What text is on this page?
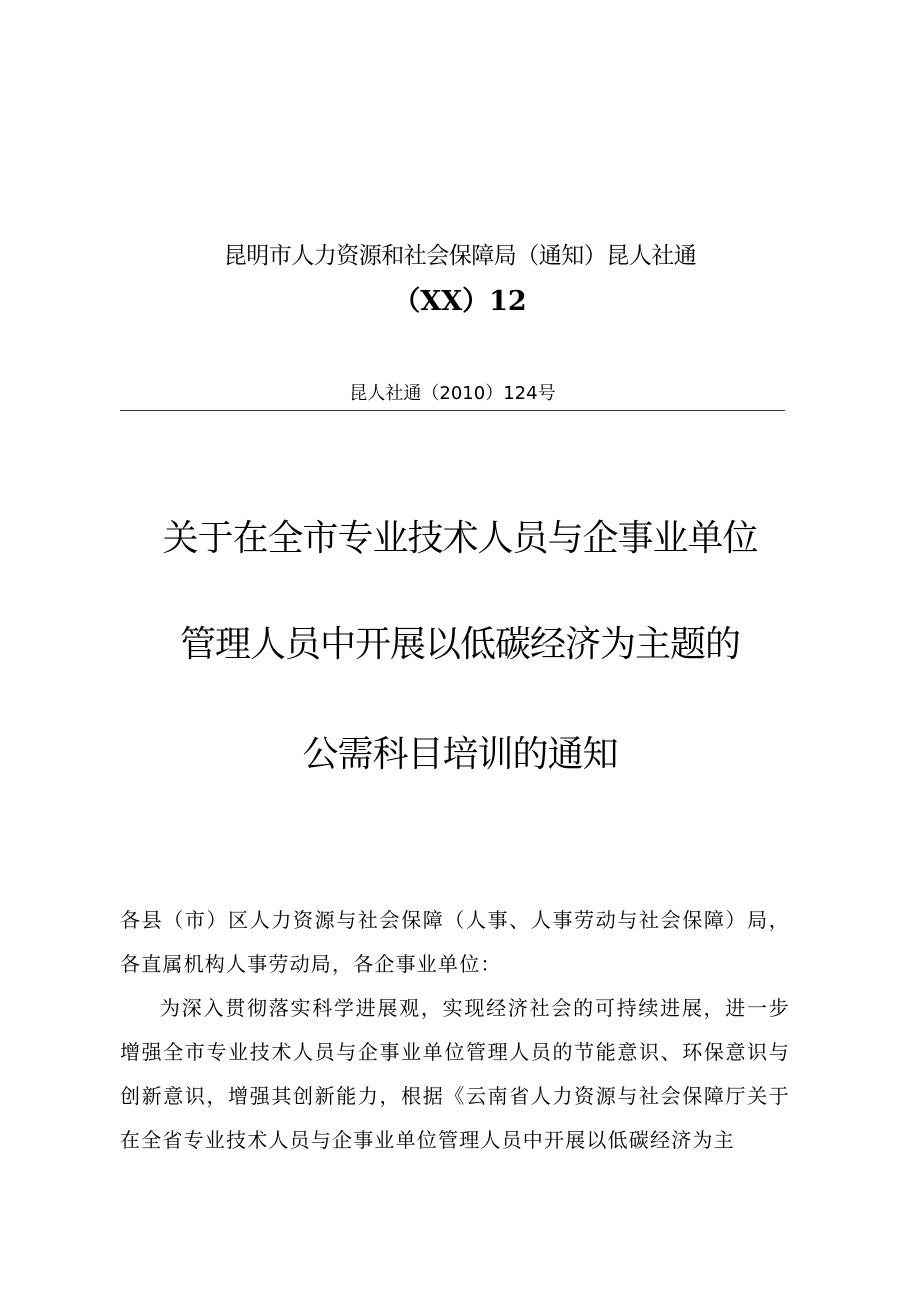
昆明市人力资源和社会保障局（通知）昆人社通
（XX）12
昆人社通（2010）124号
关于在全市专业技术人员与企事业单位
管理人员中开展以低碳经济为主题的
公需科目培训的通知

各县（市）区人力资源与社会保障（人事、人事劳动与社会保障）局，各直属机构人事劳动局，各企事业单位：

为深入贯彻落实科学进展观，实现经济社会的可持续进展，进一步增强全市专业技术人员与企事业单位管理人员的节能意识、环保意识与创新意识，增强其创新能力，根据《云南省人力资源与社会保障厅关于在全省专业技术人员与企事业单位管理人员中开展以低碳经济为主
